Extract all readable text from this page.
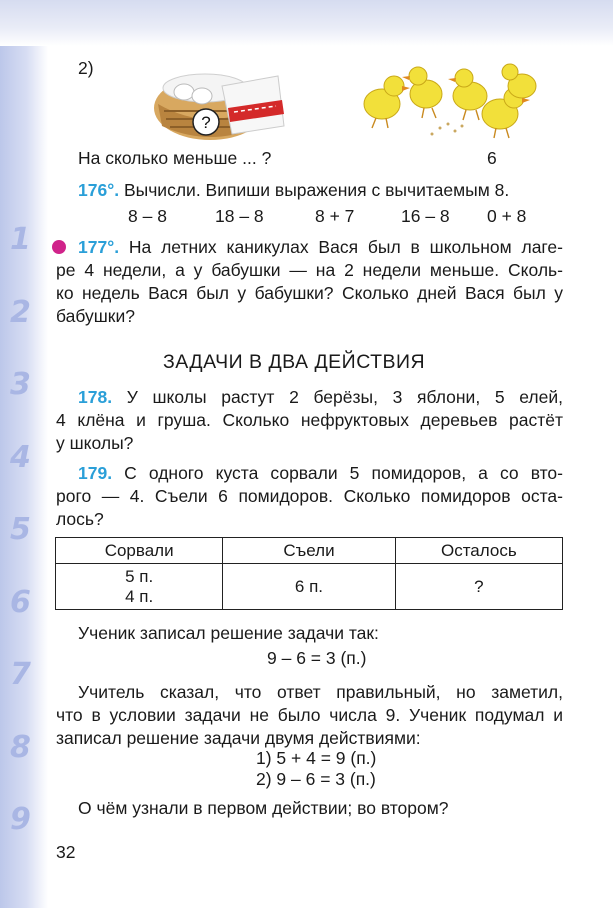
1
2
3
4
5
6
7
8
9
2)
?
На сколько меньше ... ?	6
176°. Вычисли. Випиши выражения с вычитаемым 8.
8 – 8	18 – 8	8 + 7	16 – 8 0 + 8
177°. На летних каникулах Вася был в школьном лаге-
ре 4 недели, а у бабушки — на 2 недели меньше. Сколь-
ко недель Вася был у бабушки? Сколько дней Вася был у
бабушки?
ЗАДАЧИ В ДВА ДЕЙСТВИЯ
178. У школы растут 2 берёзы, 3 яблони, 5 елей,
4 клёна и груша. Сколько нефруктовых деревьев растёт
у школы?
179. С одного куста сорвали 5 помидоров, а со вто-
рого — 4. Съели 6 помидоров. Сколько помидоров оста-
лось?
Сорвали	Съели	Осталось

5 п.
4 п.	6 п.	?
Ученик записал решение задачи так:
9 – 6 = 3 (п.)
Учитель сказал, что ответ правильный, но заметил,
что в условии задачи не было числа 9. Ученик подумал и
записал решение задачи двумя действиями:
1) 5 + 4 = 9 (п.)
2) 9 – 6 = 3 (п.)
О чём узнали в первом действии; во втором?
32
